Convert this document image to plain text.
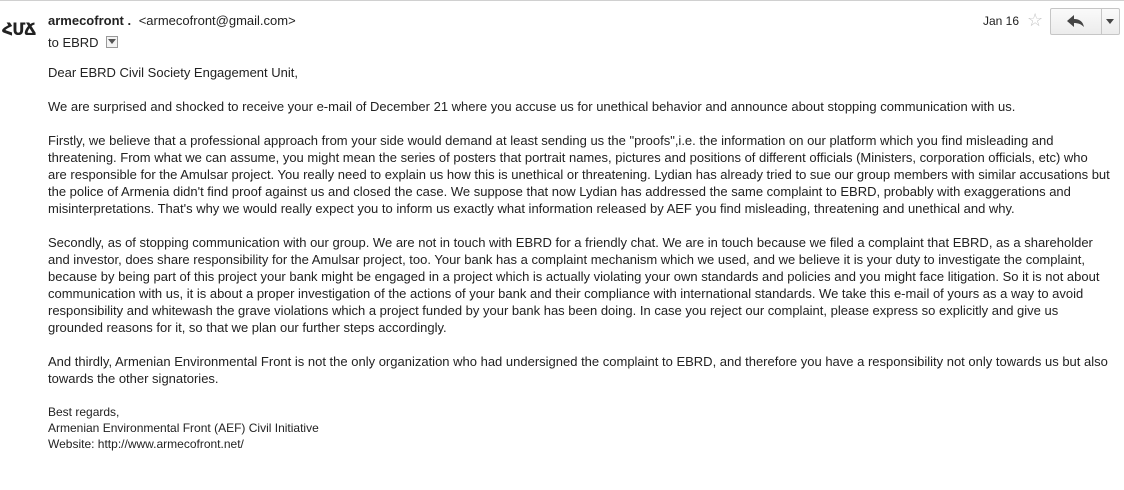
ՀՄՃ armecofront . <armecofront@gmail.com>
to EBRD
Jan 16 ☆

Dear EBRD Civil Society Engagement Unit,

We are surprised and shocked to receive your e-mail of December 21 where you accuse us for unethical behavior and announce about stopping communication with us.

Firstly, we believe that a professional approach from your side would demand at least sending us the "proofs",i.e. the information on our platform which you find misleading and threatening. From what we can assume, you might mean the series of posters that portrait names, pictures and positions of different officials (Ministers, corporation officials, etc) who are responsible for the Amulsar project. You really need to explain us how this is unethical or threatening. Lydian has already tried to sue our group members with similar accusations but the police of Armenia didn't find proof against us and closed the case. We suppose that now Lydian has addressed the same complaint to EBRD, probably with exaggerations and misinterpretations. That's why we would really expect you to inform us exactly what information released by AEF you find misleading, threatening and unethical and why.

Secondly, as of stopping communication with our group. We are not in touch with EBRD for a friendly chat. We are in touch because we filed a complaint that EBRD, as a shareholder and investor, does share responsibility for the Amulsar project, too. Your bank has a complaint mechanism which we used, and we believe it is your duty to investigate the complaint, because by being part of this project your bank might be engaged in a project which is actually violating your own standards and policies and you might face litigation. So it is not about communication with us, it is about a proper investigation of the actions of your bank and their compliance with international standards. We take this e-mail of yours as a way to avoid responsibility and whitewash the grave violations which a project funded by your bank has been doing. In case you reject our complaint, please express so explicitly and give us grounded reasons for it, so that we plan our further steps accordingly.

And thirdly, Armenian Environmental Front is not the only organization who had undersigned the complaint to EBRD, and therefore you have a responsibility not only towards us but also towards the other signatories.

Best regards,
Armenian Environmental Front (AEF) Civil Initiative
Website: http://www.armecofront.net/
